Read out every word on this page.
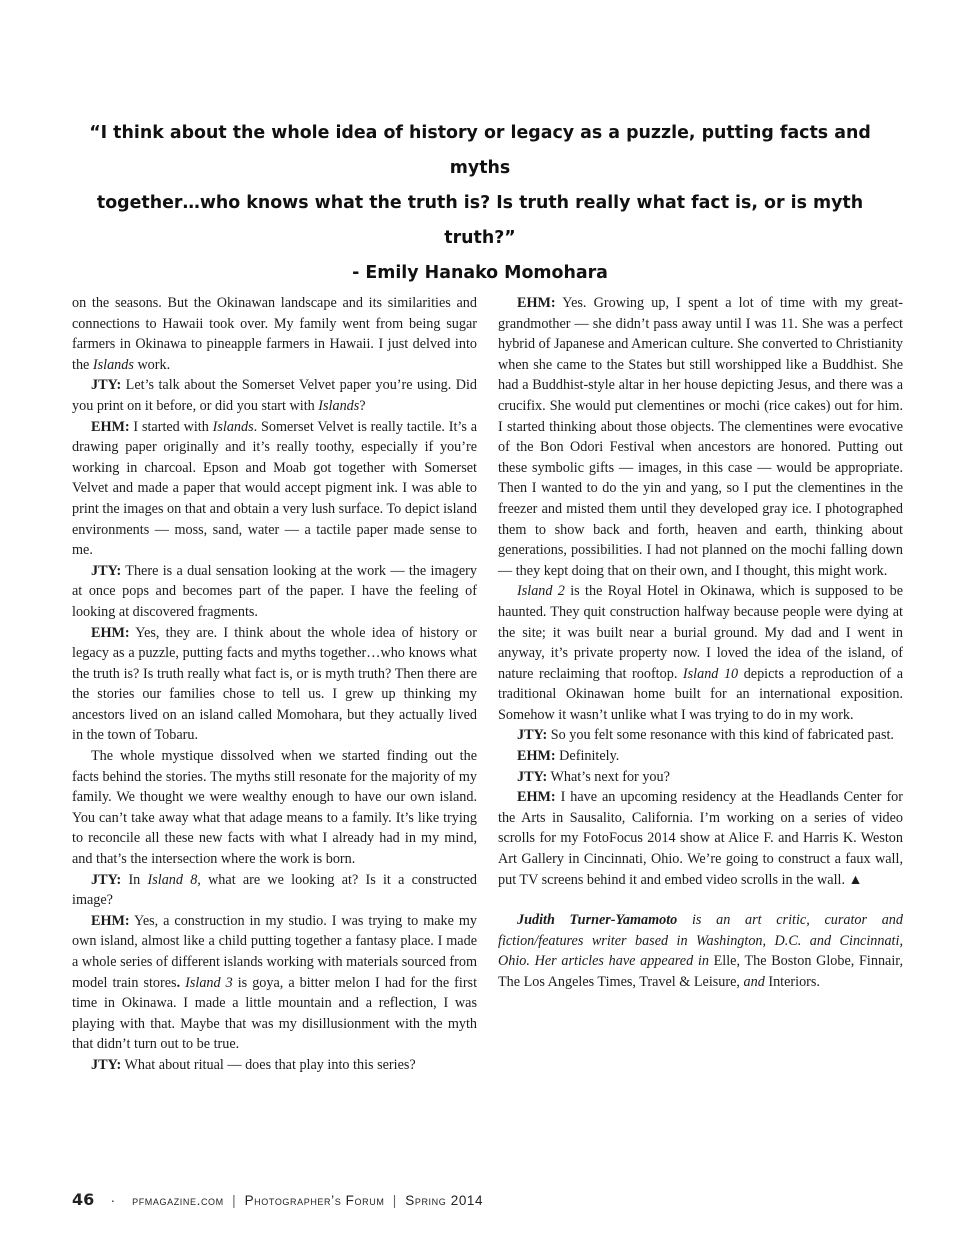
“I think about the whole idea of history or legacy as a puzzle, putting facts and myths

together…who knows what the truth is? Is truth really what fact is, or is myth truth?”

- Emily Hanako Momohara

on the seasons. But the Okinawan landscape and its similarities and connections to Hawaii took over. My family went from being sugar farmers in Okinawa to pineapple farmers in Hawaii. I just delved into the Islands work.

JTY: Let’s talk about the Somerset Velvet paper you’re using. Did you print on it before, or did you start with Islands?

EHM: I started with Islands. Somerset Velvet is really tactile. It’s a drawing paper originally and it’s really toothy, especially if you’re working in charcoal. Epson and Moab got together with Somerset Velvet and made a paper that would accept pigment ink. I was able to print the images on that and obtain a very lush surface. To depict island environments — moss, sand, water — a tactile paper made sense to me.

JTY: There is a dual sensation looking at the work — the imagery at once pops and becomes part of the paper. I have the feeling of looking at discovered fragments.

EHM: Yes, they are. I think about the whole idea of history or legacy as a puzzle, putting facts and myths together…who knows what the truth is? Is truth really what fact is, or is myth truth? Then there are the stories our families chose to tell us. I grew up thinking my ancestors lived on an island called Momohara, but they actually lived in the town of Tobaru.

The whole mystique dissolved when we started finding out the facts behind the stories. The myths still resonate for the majority of my family. We thought we were wealthy enough to have our own island. You can’t take away what that adage means to a family. It’s like trying to reconcile all these new facts with what I already had in my mind, and that’s the intersection where the work is born.

JTY: In Island 8, what are we looking at? Is it a constructed image?

EHM: Yes, a construction in my studio. I was trying to make my own island, almost like a child putting together a fantasy place. I made a whole series of different islands working with materials sourced from model train stores. Island 3 is goya, a bitter melon I had for the first time in Okinawa. I made a little mountain and a reflection, I was playing with that. Maybe that was my disillusionment with the myth that didn’t turn out to be true.

JTY: What about ritual — does that play into this series?

EHM: Yes. Growing up, I spent a lot of time with my great-grandmother — she didn’t pass away until I was 11. She was a perfect hybrid of Japanese and American culture. She converted to Christianity when she came to the States but still worshipped like a Buddhist. She had a Buddhist-style altar in her house depicting Jesus, and there was a crucifix. She would put clementines or mochi (rice cakes) out for him. I started thinking about those objects. The clementines were evocative of the Bon Odori Festival when ancestors are honored. Putting out these symbolic gifts — images, in this case — would be appropriate. Then I wanted to do the yin and yang, so I put the clementines in the freezer and misted them until they developed gray ice. I photographed them to show back and forth, heaven and earth, thinking about generations, possibilities. I had not planned on the mochi falling down — they kept doing that on their own, and I thought, this might work.

Island 2 is the Royal Hotel in Okinawa, which is supposed to be haunted. They quit construction halfway because people were dying at the site; it was built near a burial ground. My dad and I went in anyway, it’s private property now. I loved the idea of the island, of nature reclaiming that rooftop. Island 10 depicts a reproduction of a traditional Okinawan home built for an international exposition. Somehow it wasn’t unlike what I was trying to do in my work.

JTY: So you felt some resonance with this kind of fabricated past.

EHM: Definitely.

JTY: What’s next for you?

EHM: I have an upcoming residency at the Headlands Center for the Arts in Sausalito, California. I’m working on a series of video scrolls for my FotoFocus 2014 show at Alice F. and Harris K. Weston Art Gallery in Cincinnati, Ohio. We’re going to construct a faux wall, put TV screens behind it and embed video scrolls in the wall. ▲

Judith Turner-Yamamoto is an art critic, curator and fiction/features writer based in Washington, D.C. and Cincinnati, Ohio. Her articles have appeared in Elle, The Boston Globe, Finnair, The Los Angeles Times, Travel & Leisure, and Interiors.

46 · pfmagazine.com | Photographer’s Forum | Spring 2014
